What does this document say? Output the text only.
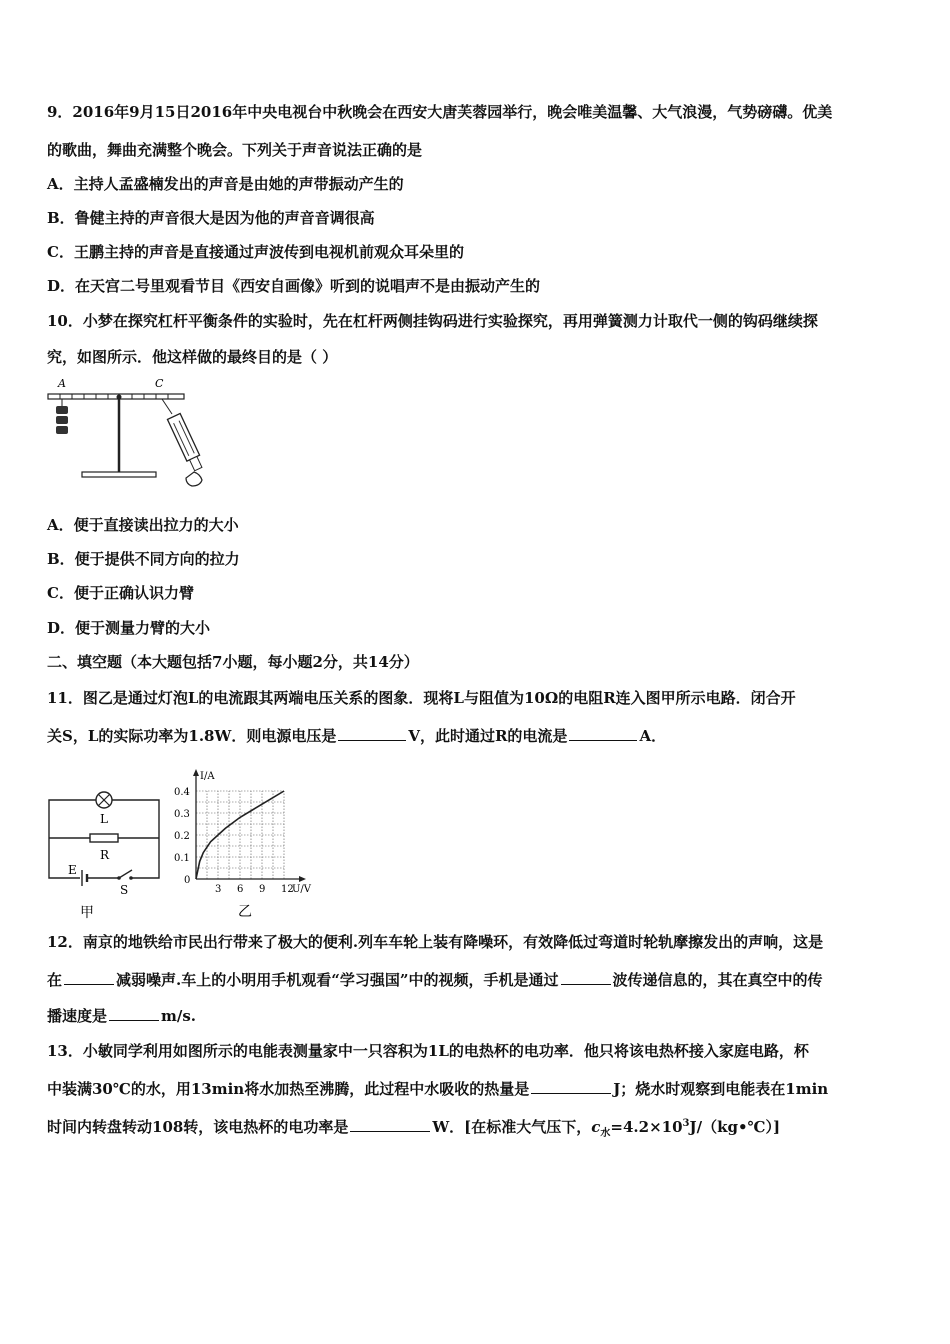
9．2016年9月15日2016年中央电视台中秋晚会在西安大唐芙蓉园举行，晚会唯美温馨、大气浪漫，气势磅礴。优美
的歌曲，舞曲充满整个晚会。下列关于声音说法正确的是
A．主持人孟盛楠发出的声音是由她的声带振动产生的
B．鲁健主持的声音很大是因为他的声音音调很高
C．王鹏主持的声音是直接通过声波传到电视机前观众耳朵里的
D．在天宫二号里观看节目《西安自画像》听到的说唱声不是由振动产生的
10．小梦在探究杠杆平衡条件的实验时，先在杠杆两侧挂钩码进行实验探究，再用弹簧测力计取代一侧的钩码继续探
究，如图所示．他这样做的最终目的是（ ）
A	C
A．便于直接读出拉力的大小
B．便于提供不同方向的拉力
C．便于正确认识力臂
D．便于测量力臂的大小
二、填空题（本大题包括7小题，每小题2分，共14分）
11．图乙是通过灯泡L的电流跟其两端电压关系的图象．现将L与阻值为10Ω的电阻R连入图甲所示电路．闭合开
关S，L的实际功率为1.8W．则电源电压是	V，此时通过R的电流是	A．
L
R
E
S
甲
I/A
U/V
0
3 6 9 12
0.1
0.2
0.3
0.4
乙
12．南京的地铁给市民出行带来了极大的便利.列车车轮上装有降噪环，有效降低过弯道时轮轨摩擦发出的声响，这是
在	减弱噪声.车上的小明用手机观看“学习强国”中的视频，手机是通过	波传递信息的，其在真空中的传
播速度是	m/s.
13．小敏同学利用如图所示的电能表测量家中一只容积为1L的电热杯的电功率．他只将该电热杯接入家庭电路，杯
中装满30℃的水，用13min将水加热至沸腾，此过程中水吸收的热量是	J；烧水时观察到电能表在1min
时间内转盘转动108转，该电热杯的电功率是	W．[在标准大气压下，$c_水=4.2\times 10^3J/(kg•℃)$]
